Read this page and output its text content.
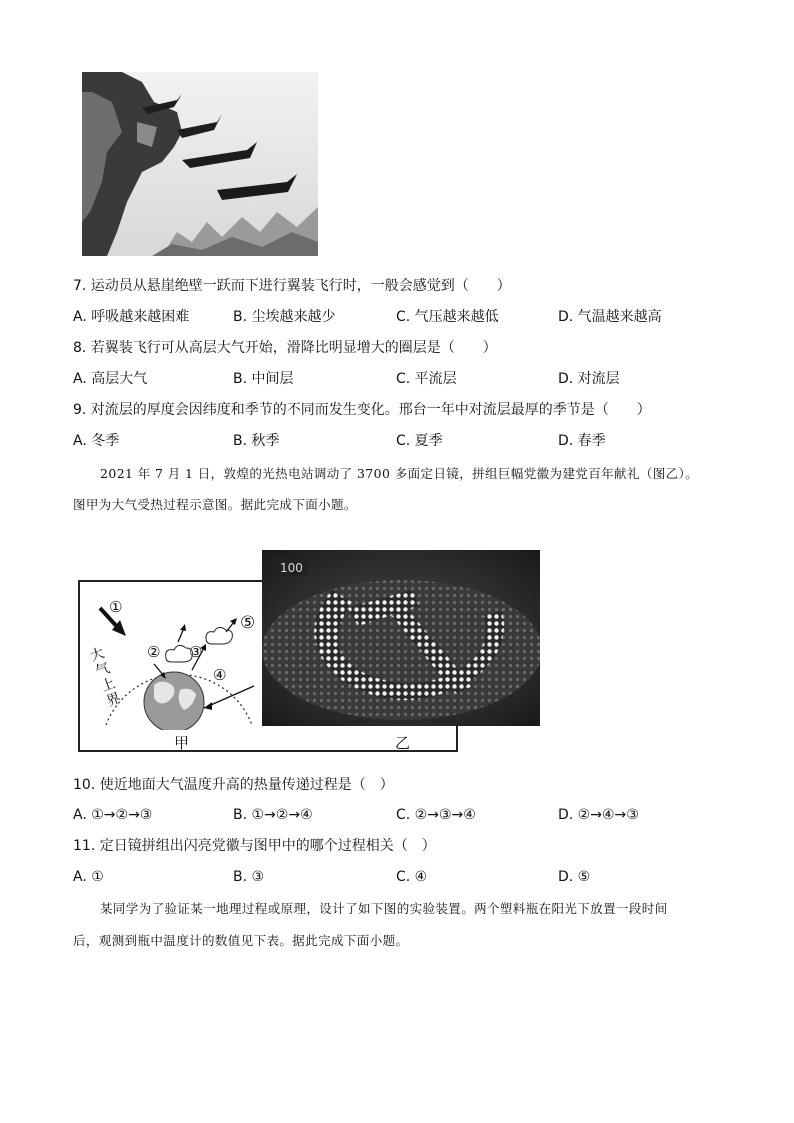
7. 运动员从悬崖绝壁一跃而下进行翼装飞行时，一般会感觉到（　　）
A. 呼吸越来越困难	B. 尘埃越来越少	C. 气压越来越低	D. 气温越来越高
8. 若翼装飞行可从高层大气开始，滑降比明显增大的圈层是（　　）
A. 高层大气	B. 中间层	C. 平流层	D. 对流层
9. 对流层的厚度会因纬度和季节的不同而发生变化。邢台一年中对流层最厚的季节是（　　）
A. 冬季	B. 秋季	C. 夏季	D. 春季
2021 年 7 月 1 日，敦煌的光热电站调动了 3700 多面定日镜，拼组巨幅党徽为建党百年献礼（图乙）。
图甲为大气受热过程示意图。据此完成下面小题。
①
② ③
④
⑤
大气上界
100
甲	乙
10. 使近地面大气温度升高的热量传递过程是（　）
A. ①→②→③	B. ①→②→④	C. ②→③→④	D. ②→④→③
11. 定日镜拼组出闪亮党徽与图甲中的哪个过程相关（　）
A. ①	B. ③	C. ④	D. ⑤
某同学为了验证某一地理过程或原理，设计了如下图的实验装置。两个塑料瓶在阳光下放置一段时间
后，观测到瓶中温度计的数值见下表。据此完成下面小题。
